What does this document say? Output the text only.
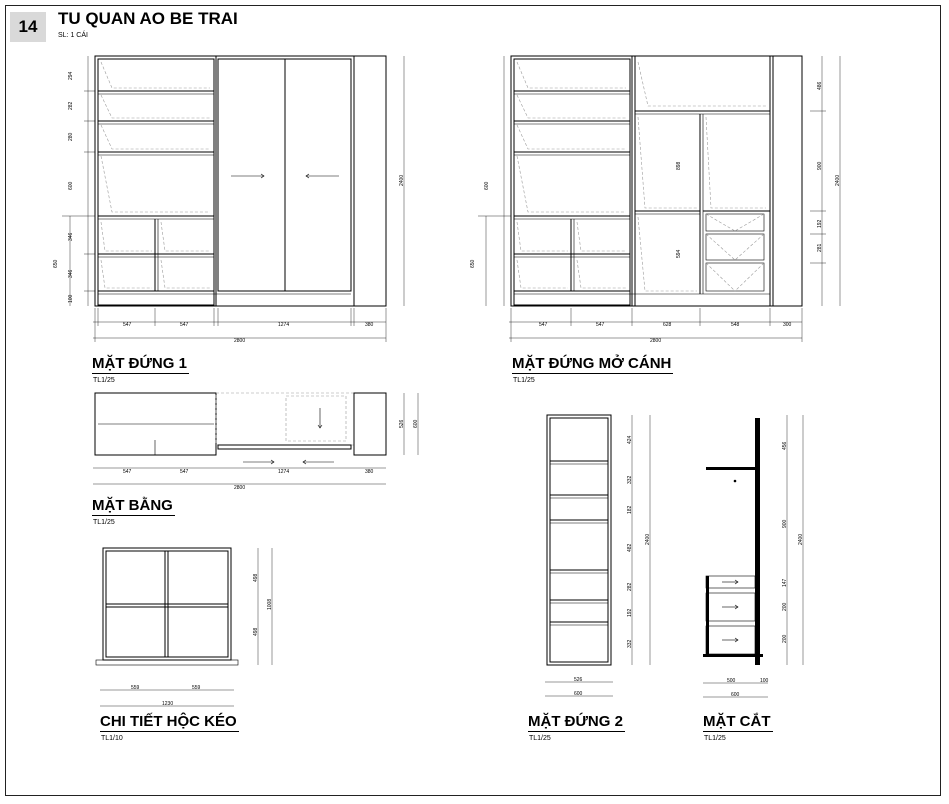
14	TU QUAN AO BE TRAI
SL: 1 CÁI
MẶT ĐỨNG 1
TL1/25
MẶT ĐỨNG MỞ CÁNH
TL1/25
MẶT BẰNG
TL1/25
CHI TIẾT HỘC KÉO
TL1/10
MẶT ĐỨNG 2
TL1/25
MẶT CẮT
TL1/25
547	547	1274	380
2800
2400
650
294
282
280
600
346
346
100
547	547	628	548	300
2800
2400
486
900
192
281
898
594
650
600
547	547	1274	380
2800
526 600
559	559
1230
498
498
1008
526
600
2400
424
332
182
482
282
192
332
500	100
600
2400
456
900
147
200
200
